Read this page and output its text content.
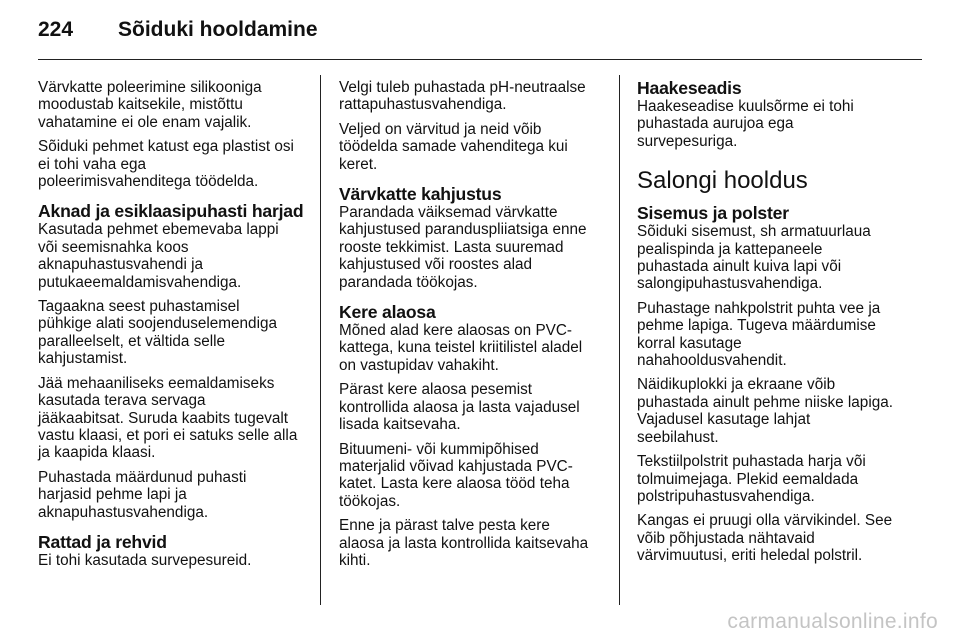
224	Sõiduki hooldamine

Värvkatte poleerimine silikooniga
moodustab kaitsekile, mistõttu
vahatamine ei ole enam vajalik.

Sõiduki pehmet katust ega plastist osi
ei tohi vaha ega
poleerimisvahenditega töödelda.

Aknad ja esiklaasipuhasti harjad

Kasutada pehmet ebemevaba lappi
või seemisnahka koos
aknapuhastusvahendi ja
putukaeemaldamisvahendiga.

Tagaakna seest puhastamisel
pühkige alati soojenduselemendiga
paralleelselt, et vältida selle
kahjustamist.

Jää mehaaniliseks eemaldamiseks
kasutada terava servaga
jääkaabitsat. Suruda kaabits tugevalt
vastu klaasi, et pori ei satuks selle alla
ja kaapida klaasi.

Puhastada määrdunud puhasti
harjasid pehme lapi ja
aknapuhastusvahendiga.

Rattad ja rehvid

Ei tohi kasutada survepesureid.

Velgi tuleb puhastada pH-neutraalse
rattapuhastusvahendiga.

Veljed on värvitud ja neid võib
töödelda samade vahenditega kui
keret.

Värvkatte kahjustus

Parandada väiksemad värvkatte
kahjustused paranduspliiatsiga enne
rooste tekkimist. Lasta suuremad
kahjustused või roostes alad
parandada töökojas.

Kere alaosa

Mõned alad kere alaosas on PVC-
kattega, kuna teistel kriitilistel aladel
on vastupidav vahakiht.

Pärast kere alaosa pesemist
kontrollida alaosa ja lasta vajadusel
lisada kaitsevaha.

Bituumeni- või kummipõhised
materjalid võivad kahjustada PVC-
katet. Lasta kere alaosa tööd teha
töökojas.

Enne ja pärast talve pesta kere
alaosa ja lasta kontrollida kaitsevaha
kihti.

Haakeseadis

Haakeseadise kuulsõrme ei tohi
puhastada aurujoa ega
survepesuriga.

Salongi hooldus
Sisemus ja polster

Sõiduki sisemust, sh armatuurlaua
pealispinda ja kattepaneele
puhastada ainult kuiva lapi või
salongipuhastusvahendiga.

Puhastage nahkpolstrit puhta vee ja
pehme lapiga. Tugeva määrdumise
korral kasutage
nahahooldusvahendit.

Näidikuplokki ja ekraane võib
puhastada ainult pehme niiske lapiga.
Vajadusel kasutage lahjat
seebilahust.

Tekstiilpolstrit puhastada harja või
tolmuimejaga. Plekid eemaldada
polstripuhastusvahendiga.

Kangas ei pruugi olla värvikindel. See
võib põhjustada nähtavaid
värvimuutusi, eriti heledal polstril.

carmanualsonline.info
